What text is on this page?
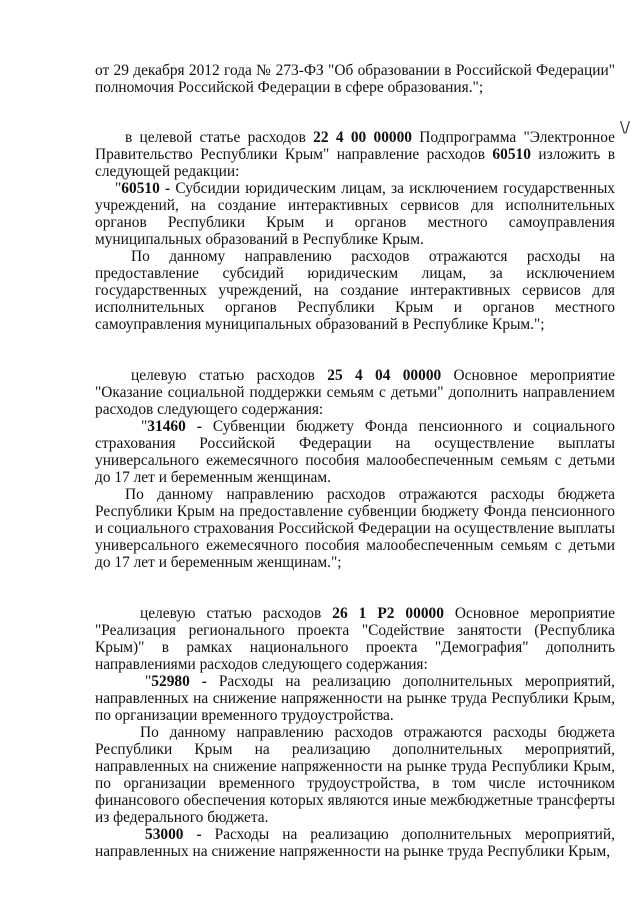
\/

от 29 декабря 2012 года № 273-ФЗ "Об образовании в Российской Федерации" полномочия Российской Федерации в сфере образования.";

в целевой статье расходов 22 4 00 00000 Подпрограмма "Электронное Правительство Республики Крым" направление расходов 60510 изложить в следующей редакции:

"60510 - Субсидии юридическим лицам, за исключением государственных учреждений, на создание интерактивных сервисов для исполнительных органов Республики Крым и органов местного самоуправления муниципальных образований в Республике Крым.

По данному направлению расходов отражаются расходы на предоставление субсидий юридическим лицам, за исключением государственных учреждений, на создание интерактивных сервисов для исполнительных органов Республики Крым и органов местного самоуправления муниципальных образований в Республике Крым.";

целевую статью расходов 25 4 04 00000 Основное мероприятие "Оказание социальной поддержки семьям с детьми" дополнить направлением расходов следующего содержания:

"31460 - Субвенции бюджету Фонда пенсионного и социального страхования Российской Федерации на осуществление выплаты универсального ежемесячного пособия малообеспеченным семьям с детьми до 17 лет и беременным женщинам.

По данному направлению расходов отражаются расходы бюджета Республики Крым на предоставление субвенции бюджету Фонда пенсионного и социального страхования Российской Федерации на осуществление выплаты универсального ежемесячного пособия малообеспеченным семьям с детьми до 17 лет и беременным женщинам.";

целевую статью расходов 26 1 Р2 00000 Основное мероприятие "Реализация регионального проекта "Содействие занятости (Республика Крым)" в рамках национального проекта "Демография" дополнить направлениями расходов следующего содержания:

"52980 - Расходы на реализацию дополнительных мероприятий, направленных на снижение напряженности на рынке труда Республики Крым, по организации временного трудоустройства.

По данному направлению расходов отражаются расходы бюджета Республики Крым на реализацию дополнительных мероприятий, направленных на снижение напряженности на рынке труда Республики Крым, по организации временного трудоустройства, в том числе источником финансового обеспечения которых являются иные межбюджетные трансферты из федерального бюджета.

53000 - Расходы на реализацию дополнительных мероприятий, направленных на снижение напряженности на рынке труда Республики Крым,
